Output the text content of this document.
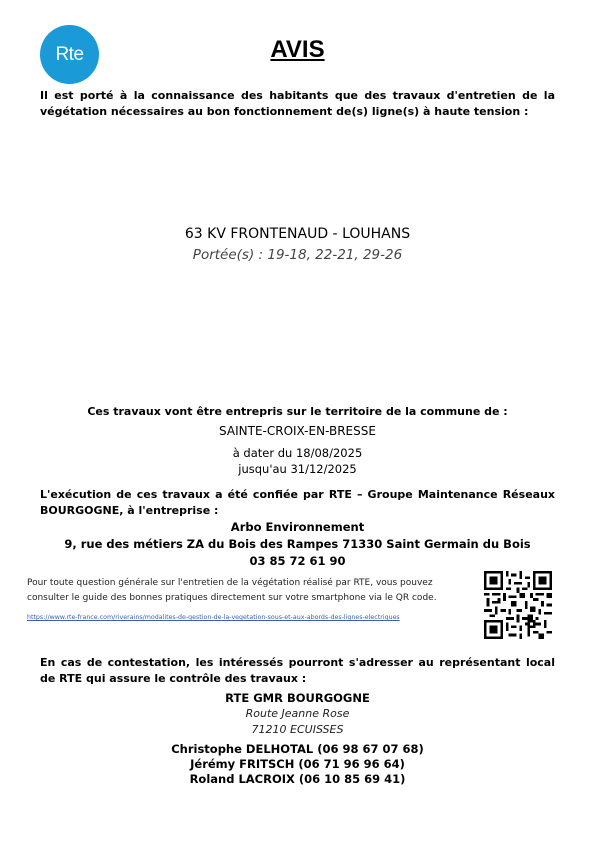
Rte	AVIS
Il est porté à la connaissance des habitants que des travaux d'entretien de la végétation nécessaires au bon fonctionnement de(s) ligne(s) à haute tension :
63 KV FRONTENAUD - LOUHANS
Portée(s) : 19-18, 22-21, 29-26
Ces travaux vont être entrepris sur le territoire de la commune de :
SAINTE-CROIX-EN-BRESSE
à dater du 18/08/2025
jusqu'au 31/12/2025
L'exécution de ces travaux a été confiée par RTE – Groupe Maintenance Réseaux BOURGOGNE, à l'entreprise :
Arbo Environnement
9, rue des métiers ZA du Bois des Rampes 71330 Saint Germain du Bois
03 85 72 61 90
Pour toute question générale sur l'entretien de la végétation réalisé par RTE, vous pouvez consulter le guide des bonnes pratiques directement sur votre smartphone via le QR code.
https://www.rte-france.com/riverains/modalites-de-gestion-de-la-vegetation-sous-et-aux-abords-des-lignes-electriques
En cas de contestation, les intéressés pourront s'adresser au représentant local de RTE qui assure le contrôle des travaux :
RTE GMR BOURGOGNE
Route Jeanne Rose
71210 ECUISSES
Christophe DELHOTAL (06 98 67 07 68)
Jérémy FRITSCH (06 71 96 96 64)
Roland LACROIX (06 10 85 69 41)
